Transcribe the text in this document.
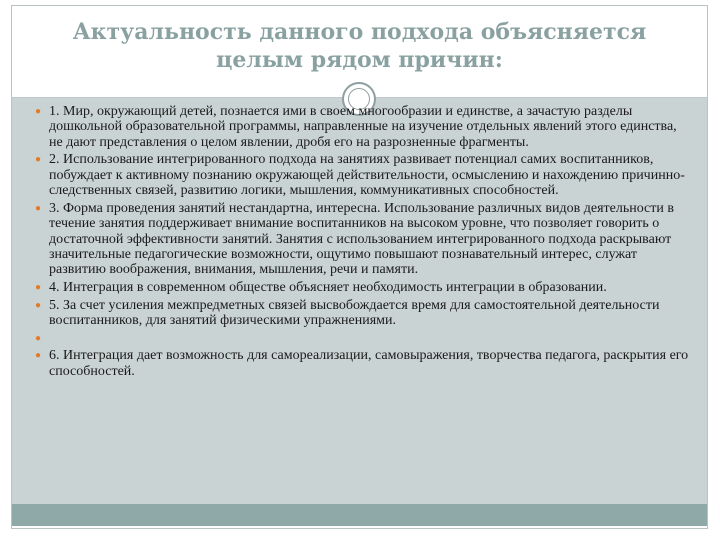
Актуальность данного подхода объясняется
целым рядом причин:
● 1. Мир, окружающий детей, познается ими в своем многообразии и единстве, а зачастую разделы дошкольной образовательной программы, направленные на изучение отдельных явлений этого единства, не дают представления о целом явлении, дробя его на разрозненные фрагменты.
● 2. Использование интегрированного подхода на занятиях развивает потенциал самих воспитанников, побуждает к активному познанию окружающей действительности, осмыслению и нахождению причинно-следственных связей, развитию логики, мышления, коммуникативных способностей.
● 3. Форма проведения занятий нестандартна, интересна. Использование различных видов деятельности в течение занятия поддерживает внимание воспитанников на высоком уровне, что позволяет говорить о достаточной эффективности занятий. Занятия с использованием интегрированного подхода раскрывают значительные педагогические возможности, ощутимо повышают познавательный интерес, служат развитию воображения, внимания, мышления, речи и памяти.
● 4. Интеграция в современном обществе объясняет необходимость интеграции в образовании.
● 5. За счет усиления межпредметных связей высвобождается время для самостоятельной деятельности воспитанников, для занятий физическими упражнениями.
●
● 6. Интеграция дает возможность для самореализации, самовыражения, творчества педагога, раскрытия его способностей.
